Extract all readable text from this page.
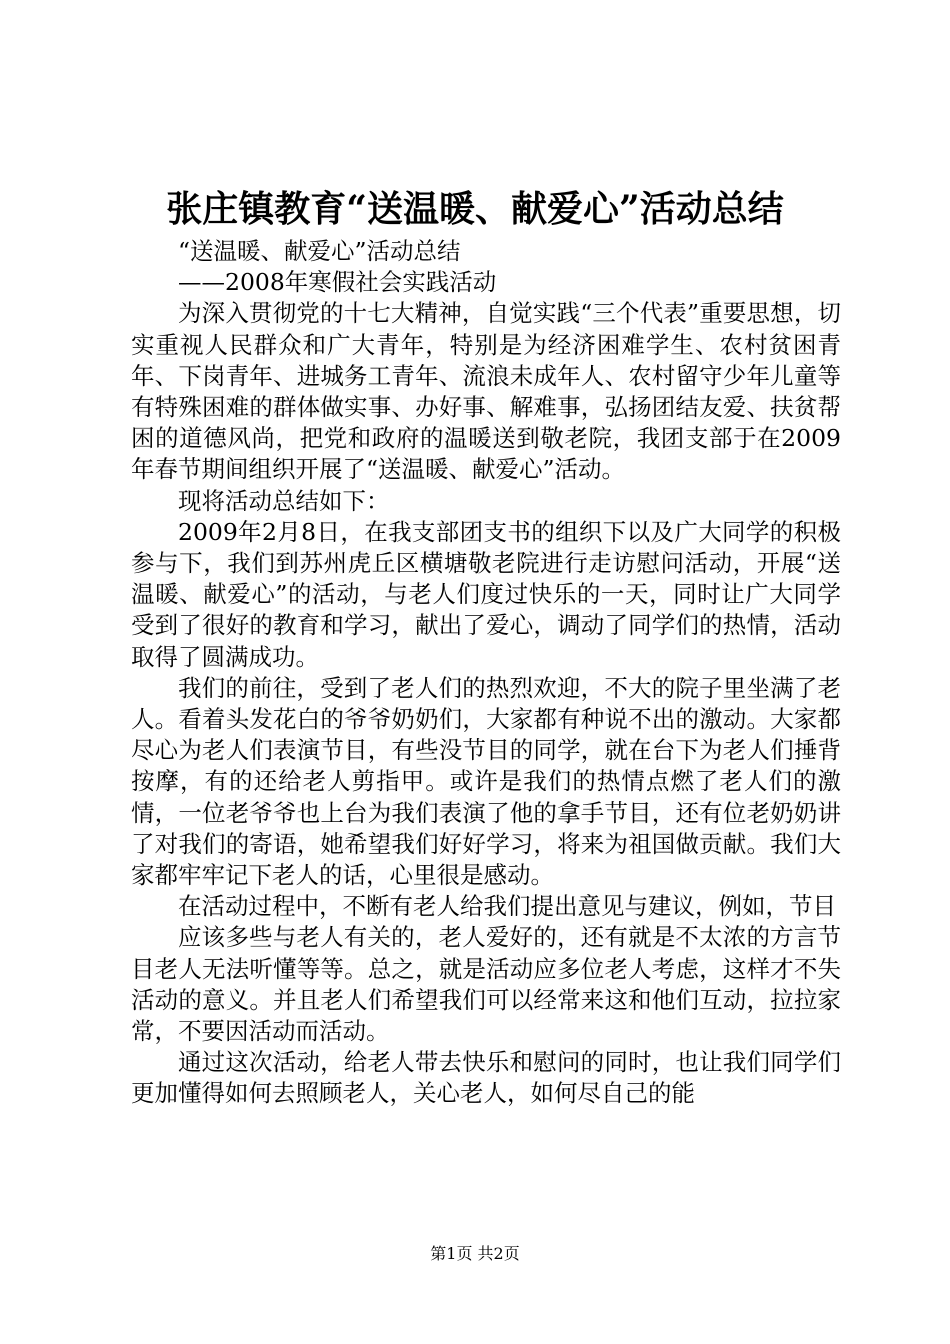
张庄镇教育“送温暖、献爱心”活动总结

“送温暖、献爱心”活动总结

——2008年寒假社会实践活动

为深入贯彻党的十七大精神，自觉实践“三个代表”重要思想，切实重视人民群众和广大青年，特别是为经济困难学生、农村贫困青年、下岗青年、进城务工青年、流浪未成年人、农村留守少年儿童等有特殊困难的群体做实事、办好事、解难事，弘扬团结友爱、扶贫帮困的道德风尚，把党和政府的温暖送到敬老院，我团支部于在2009年春节期间组织开展了“送温暖、献爱心”活动。

现将活动总结如下：

2009年2月8日，在我支部团支书的组织下以及广大同学的积极参与下，我们到苏州虎丘区横塘敬老院进行走访慰问活动，开展“送温暖、献爱心”的活动，与老人们度过快乐的一天，同时让广大同学受到了很好的教育和学习，献出了爱心，调动了同学们的热情，活动取得了圆满成功。

我们的前往，受到了老人们的热烈欢迎，不大的院子里坐满了老人。看着头发花白的爷爷奶奶们，大家都有种说不出的激动。大家都尽心为老人们表演节目，有些没节目的同学，就在台下为老人们捶背按摩，有的还给老人剪指甲。或许是我们的热情点燃了老人们的激情，一位老爷爷也上台为我们表演了他的拿手节目，还有位老奶奶讲了对我们的寄语，她希望我们好好学习，将来为祖国做贡献。我们大家都牢牢记下老人的话，心里很是感动。

在活动过程中，不断有老人给我们提出意见与建议，例如，节目

应该多些与老人有关的，老人爱好的，还有就是不太浓的方言节目老人无法听懂等等。总之，就是活动应多位老人考虑，这样才不失活动的意义。并且老人们希望我们可以经常来这和他们互动，拉拉家常，不要因活动而活动。

通过这次活动，给老人带去快乐和慰问的同时，也让我们同学们更加懂得如何去照顾老人，关心老人，如何尽自己的能

第1页 共2页
